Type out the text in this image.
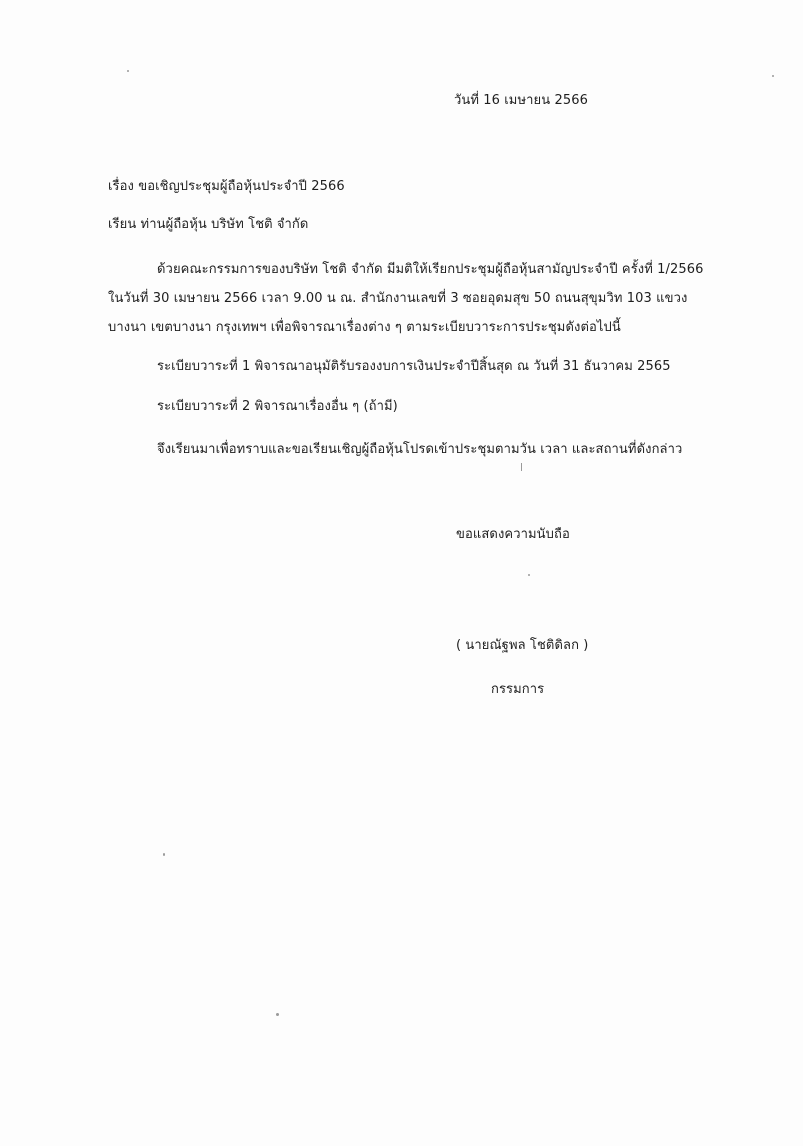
วันที่ 16 เมษายน 2566
เรื่อง ขอเชิญประชุมผู้ถือหุ้นประจำปี 2566
เรียน ท่านผู้ถือหุ้น บริษัท โชติ จำกัด
ด้วยคณะกรรมการของบริษัท โชติ จำกัด มีมติให้เรียกประชุมผู้ถือหุ้นสามัญประจำปี ครั้งที่ 1/2566
ในวันที่ 30 เมษายน 2566 เวลา 9.00 น ณ. สำนักงานเลขที่ 3 ซอยอุดมสุข 50 ถนนสุขุมวิท 103 แขวง
บางนา เขตบางนา กรุงเทพฯ เพื่อพิจารณาเรื่องต่าง ๆ ตามระเบียบวาระการประชุมดังต่อไปนี้
ระเบียบวาระที่ 1 พิจารณาอนุมัติรับรองงบการเงินประจำปีสิ้นสุด ณ วันที่ 31 ธันวาคม 2565
ระเบียบวาระที่ 2 พิจารณาเรื่องอื่น ๆ (ถ้ามี)
จึงเรียนมาเพื่อทราบและขอเรียนเชิญผู้ถือหุ้นโปรดเข้าประชุมตามวัน เวลา และสถานที่ดังกล่าว
ขอแสดงความนับถือ
( นายณัฐพล โชติดิลก )
กรรมการ
